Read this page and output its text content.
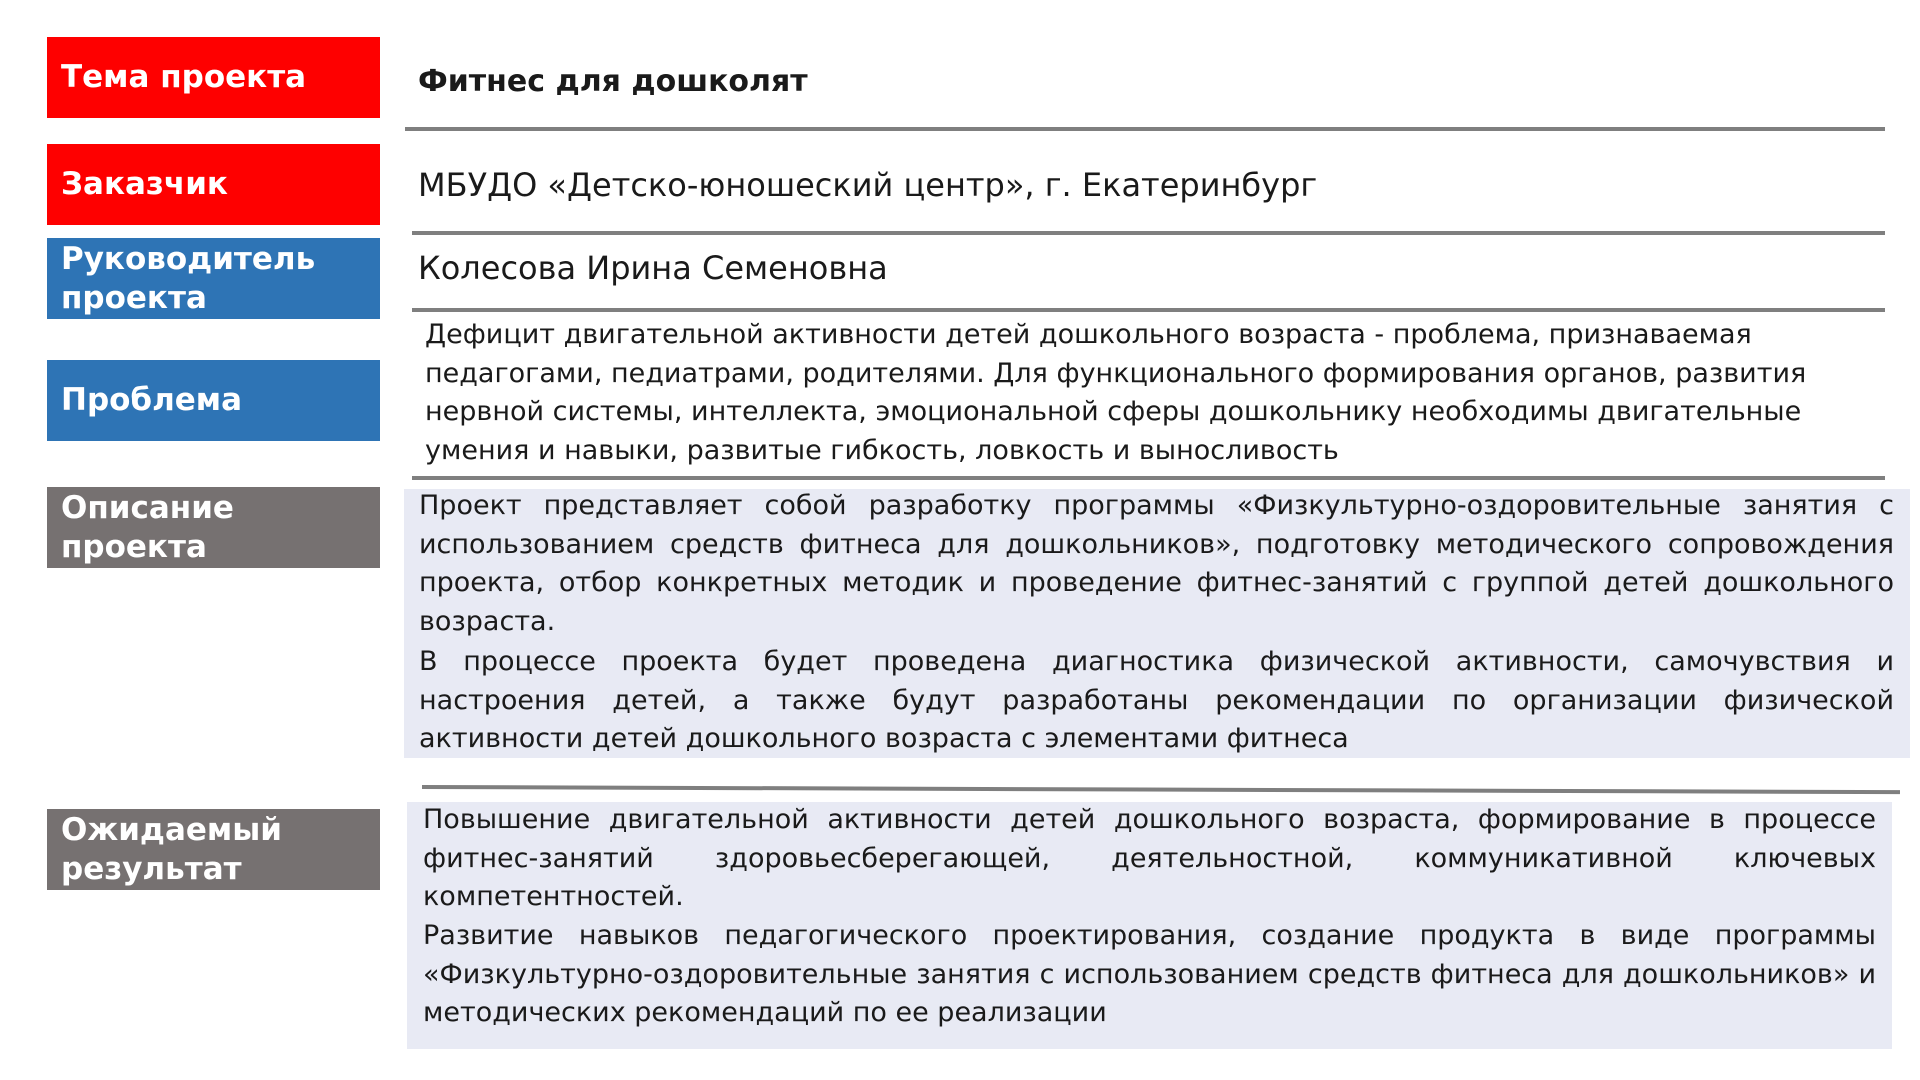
Тема проекта	Фитнес для дошколят

Заказчик	МБУДО «Детско-юношеский центр», г. Екатеринбург

Руководитель проекта

Колесова Ирина Семеновна

Проблема

Дефицит двигательной активности детей дошкольного возраста - проблема, признаваемая педагогами, педиатрами, родителями. Для функционального формирования органов, развития нервной системы, интеллекта, эмоциональной сферы дошкольнику необходимы двигательные умения и навыки, развитые гибкость, ловкость и выносливость

Описание проекта

Проект представляет собой разработку программы «Физкультурно-оздоровительные занятия с использованием средств фитнеса для дошкольников», подготовку методического сопровождения проекта, отбор конкретных методик и проведение фитнес-занятий с группой детей дошкольного возраста.

В процессе проекта будет проведена диагностика физической активности, самочувствия и настроения детей, а также будут разработаны рекомендации по организации физической активности детей дошкольного возраста с элементами фитнеса

Ожидаемый результат

Повышение двигательной активности детей дошкольного возраста, формирование в процессе фитнес-занятий здоровьесберегающей, деятельностной, коммуникативной ключевых компетентностей.

Развитие навыков педагогического проектирования, создание продукта в виде программы «Физкультурно-оздоровительные занятия с использованием средств фитнеса для дошкольников» и методических рекомендаций по ее реализации
